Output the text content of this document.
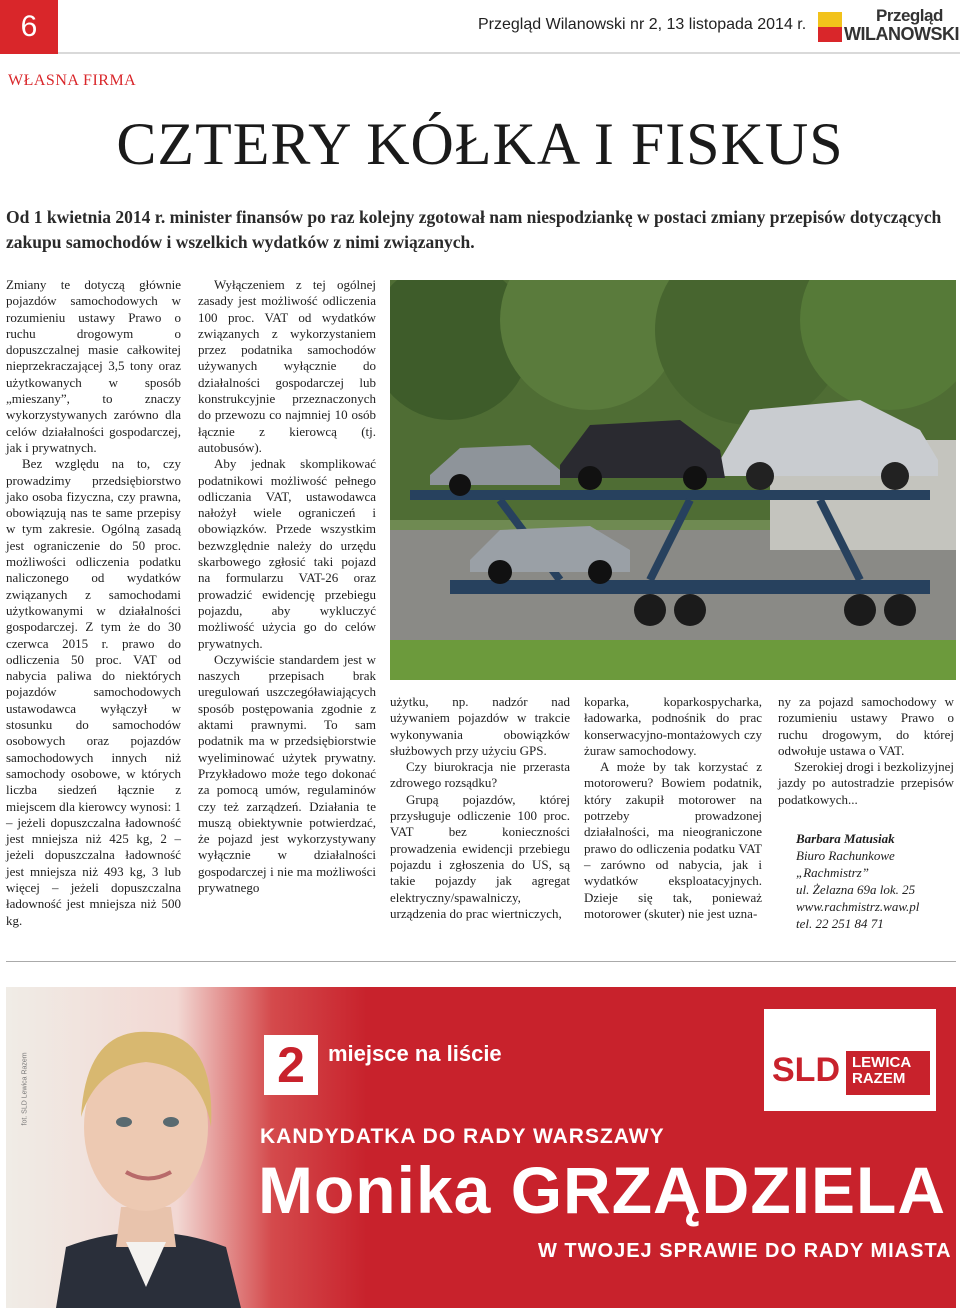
6	Przegląd Wilanowski nr 2, 13 listopada 2014 r.	Przegląd
WILANOWSKI
WŁASNA FIRMA
CZTERY KÓŁKA I FISKUS
Od 1 kwietnia 2014 r. minister finansów po raz kolejny zgotował nam niespodziankę w postaci zmiany przepisów dotyczących zakupu samochodów i wszelkich wydatków z nimi związanych.

Zmiany te dotyczą głównie pojazdów samochodowych w rozumieniu ustawy Prawo o ruchu drogowym o dopuszczalnej masie całkowitej nieprzekraczającej 3,5 tony oraz użytkowanych w sposób „mieszany”, to znaczy wykorzystywanych zarówno dla celów działalności gospodarczej, jak i prywatnych.

Bez względu na to, czy prowadzimy przedsiębiorstwo jako osoba fizyczna, czy prawna, obowiązują nas te same przepisy w tym zakresie. Ogólną zasadą jest ograniczenie do 50 proc. możliwości odliczenia podatku naliczonego od wydatków związanych z samochodami użytkowanymi w działalności gospodarczej. Z tym że do 30 czerwca 2015 r. prawo do odliczenia 50 proc. VAT od nabycia paliwa do niektórych pojazdów samochodowych ustawodawca wyłączył w stosunku do samochodów osobowych oraz pojazdów samochodowych innych niż samochody osobowe, w których liczba siedzeń łącznie z miejscem dla kierowcy wynosi: 1 – jeżeli dopuszczalna ładowność jest mniejsza niż 425 kg, 2 – jeżeli dopuszczalna ładowność jest mniejsza niż 493 kg, 3 lub więcej – jeżeli dopuszczalna ładowność jest mniejsza niż 500 kg.

Wyłączeniem z tej ogólnej zasady jest możliwość odliczenia 100 proc. VAT od wydatków związanych z wykorzystaniem przez podatnika samochodów używanych wyłącznie do działalności gospodarczej lub konstrukcyjnie przeznaczonych do przewozu co najmniej 10 osób łącznie z kierowcą (tj. autobusów).

Aby jednak skomplikować podatnikowi możliwość pełnego odliczania VAT, ustawodawca nałożył wiele ograniczeń i obowiązków. Przede wszystkim bezwzględnie należy do urzędu skarbowego zgłosić taki pojazd na formularzu VAT-26 oraz prowadzić ewidencję przebiegu pojazdu, aby wykluczyć możliwość użycia go do celów prywatnych.

Oczywiście standardem jest w naszych przepisach brak uregulowań uszczegóławiających sposób postępowania zgodnie z aktami prawnymi. To sam podatnik ma w przedsiębiorstwie wyeliminować użytek prywatny. Przykładowo może tego dokonać za pomocą umów, regulaminów czy też zarządzeń. Działania te muszą obiektywnie potwierdzać, że pojazd jest wykorzystywany wyłącznie w działalności gospodarczej i nie ma możliwości prywatnego

użytku, np. nadzór nad używaniem pojazdów w trakcie wykonywania obowiązków służbowych przy użyciu GPS.

Czy biurokracja nie przerasta zdrowego rozsądku?

Grupą pojazdów, której przysługuje odliczenie 100 proc. VAT bez konieczności prowadzenia ewidencji przebiegu pojazdu i zgłoszenia do US, są takie pojazdy jak agregat elektryczny/spawalniczy, urządzenia do prac wiertniczych,

koparka, koparkospycharka, ładowarka, podnośnik do prac konserwacyjno-montażowych czy żuraw samochodowy.

A może by tak korzystać z motoroweru? Bowiem podatnik, który zakupił motorower na potrzeby prowadzonej działalności, ma nieograniczone prawo do odliczenia podatku VAT – zarówno od nabycia, jak i wydatków eksploatacyjnych. Dzieje się tak, ponieważ motorower (skuter) nie jest uzna-

ny za pojazd samochodowy w rozumieniu ustawy Prawo o ruchu drogowym, do której odwołuje ustawa o VAT.

Szerokiej drogi i bezkolizyjnej jazdy po autostradzie przepisów podatkowych...

Barbara Matusiak
Biuro Rachunkowe
„Rachmistrz”
ul. Żelazna 69a lok. 25
www.rachmistrz.waw.pl
tel. 22 251 84 71
fot. SLD Lewica Razem	2	miejsce na liście	SLD LEWICA
RAZEM
KANDYDATKA DO RADY WARSZAWY
Monika GRZĄDZIELA
W TWOJEJ SPRAWIE DO RADY MIASTA
